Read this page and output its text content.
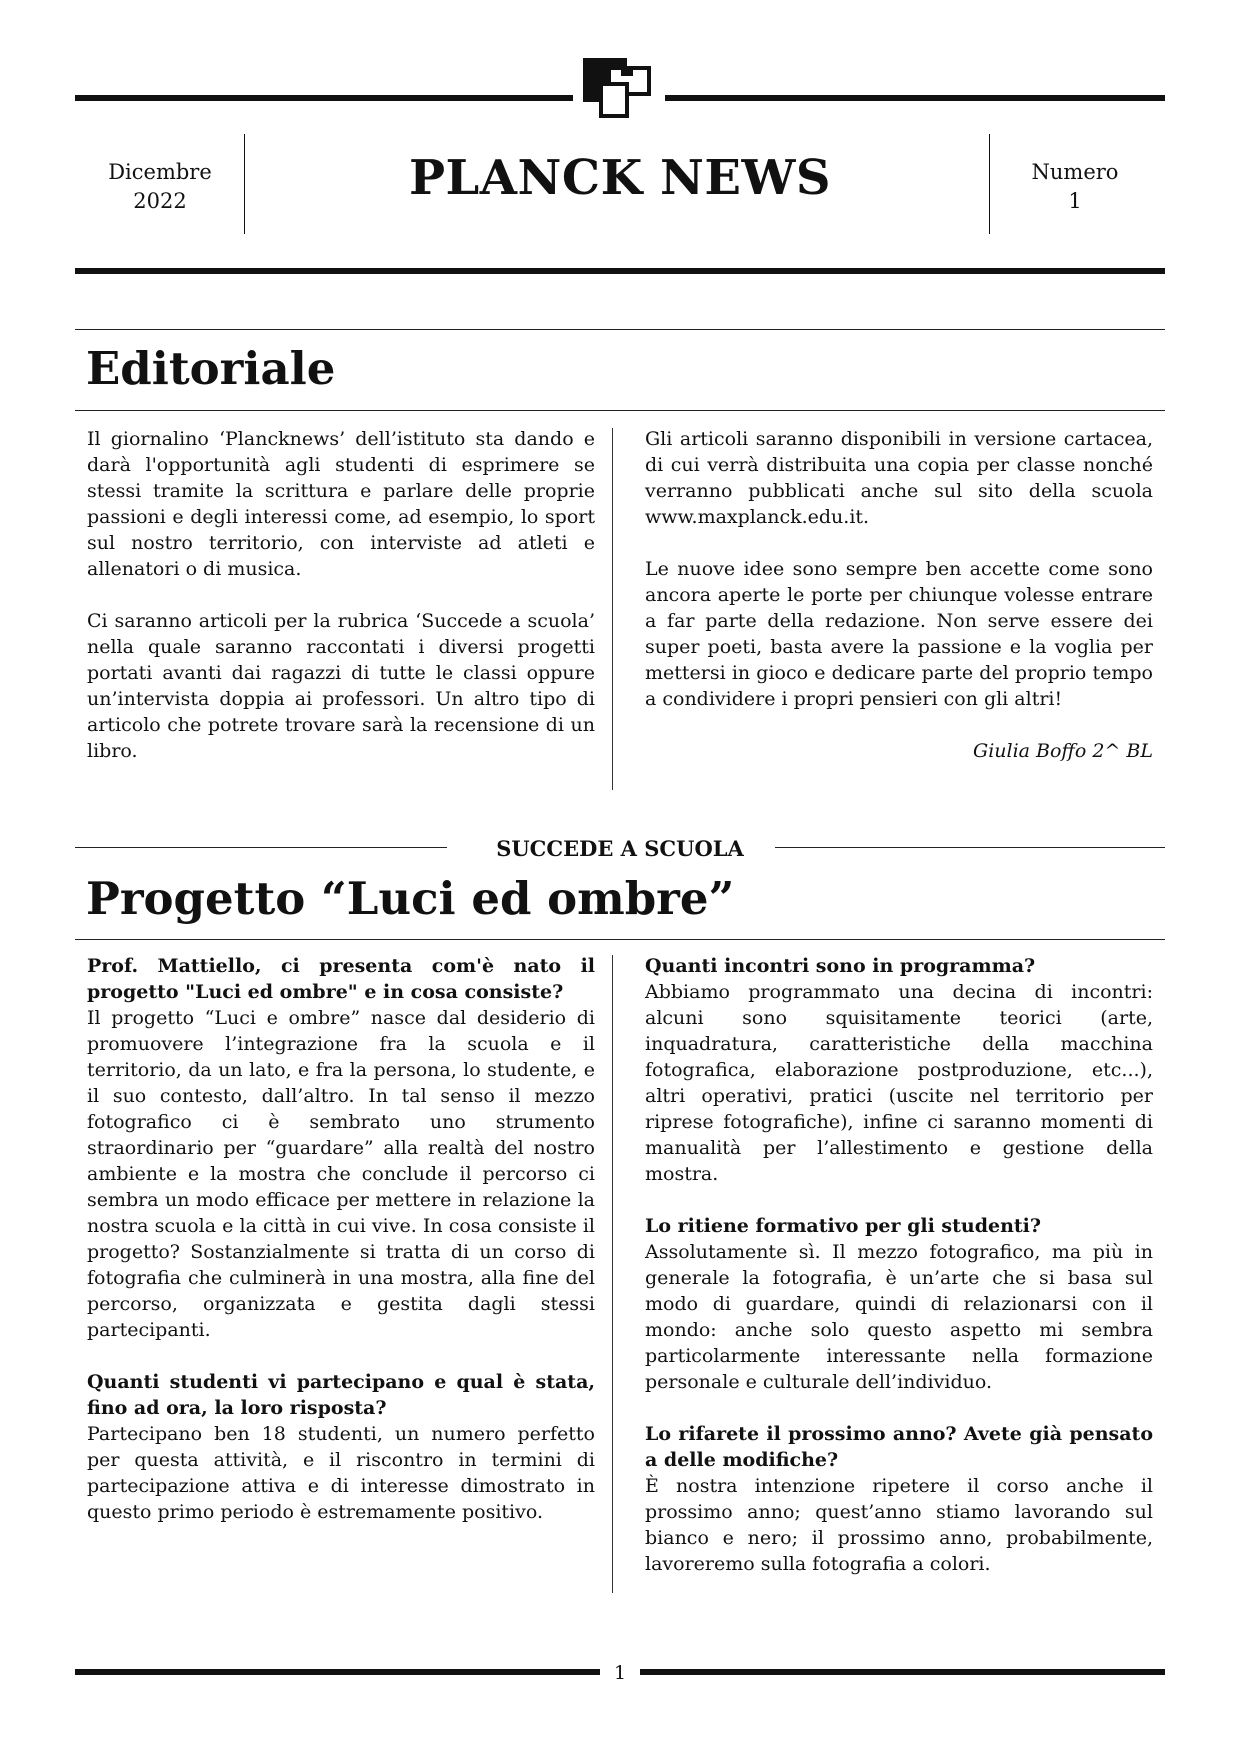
Dicembre
2022	PLANCK NEWS	Numero
1
Editoriale

Il giornalino ‘Plancknews’ dell’istituto sta dando e darà l'opportunità agli studenti di esprimere se stessi tramite la scrittura e parlare delle proprie passioni e degli interessi come, ad esempio, lo sport sul nostro territorio, con interviste ad atleti e allenatori o di musica.

Ci saranno articoli per la rubrica ‘Succede a scuola’ nella quale saranno raccontati i diversi progetti portati avanti dai ragazzi di tutte le classi oppure un’intervista doppia ai professori. Un altro tipo di articolo che potrete trovare sarà la recensione di un libro.

Gli articoli saranno disponibili in versione cartacea, di cui verrà distribuita una copia per classe nonché verranno pubblicati anche sul sito della scuola www.maxplanck.edu.it.

Le nuove idee sono sempre ben accette come sono ancora aperte le porte per chiunque volesse entrare a far parte della redazione. Non serve essere dei super poeti, basta avere la passione e la voglia per mettersi in gioco e dedicare parte del proprio tempo a condividere i propri pensieri con gli altri!

Giulia Boffo 2^ BL

SUCCEDE A SCUOLA
Progetto “Luci ed ombre”

Prof. Mattiello, ci presenta com'è nato il progetto "Luci ed ombre" e in cosa consiste?

Il progetto “Luci e ombre” nasce dal desiderio di promuovere l’integrazione fra la scuola e il territorio, da un lato, e fra la persona, lo studente, e il suo contesto, dall’altro. In tal senso il mezzo fotografico ci è sembrato uno strumento straordinario per “guardare” alla realtà del nostro ambiente e la mostra che conclude il percorso ci sembra un modo efficace per mettere in relazione la nostra scuola e la città in cui vive. In cosa consiste il progetto? Sostanzialmente si tratta di un corso di fotografia che culminerà in una mostra, alla fine del percorso, organizzata e gestita dagli stessi partecipanti.

Quanti studenti vi partecipano e qual è stata, fino ad ora, la loro risposta?

Partecipano ben 18 studenti, un numero perfetto per questa attività, e il riscontro in termini di partecipazione attiva e di interesse dimostrato in questo primo periodo è estremamente positivo.

Quanti incontri sono in programma?

Abbiamo programmato una decina di incontri: alcuni sono squisitamente teorici (arte, inquadratura, caratteristiche della macchina fotografica, elaborazione postproduzione, etc...), altri operativi, pratici (uscite nel territorio per riprese fotografiche), infine ci saranno momenti di manualità per l’allestimento e gestione della mostra.

Lo ritiene formativo per gli studenti?

Assolutamente sì. Il mezzo fotografico, ma più in generale la fotografia, è un’arte che si basa sul modo di guardare, quindi di relazionarsi con il mondo: anche solo questo aspetto mi sembra particolarmente interessante nella formazione personale e culturale dell’individuo.

Lo rifarete il prossimo anno? Avete già pensato a delle modifiche?

È nostra intenzione ripetere il corso anche il prossimo anno; quest’anno stiamo lavorando sul bianco e nero; il prossimo anno, probabilmente, lavoreremo sulla fotografia a colori.

1
